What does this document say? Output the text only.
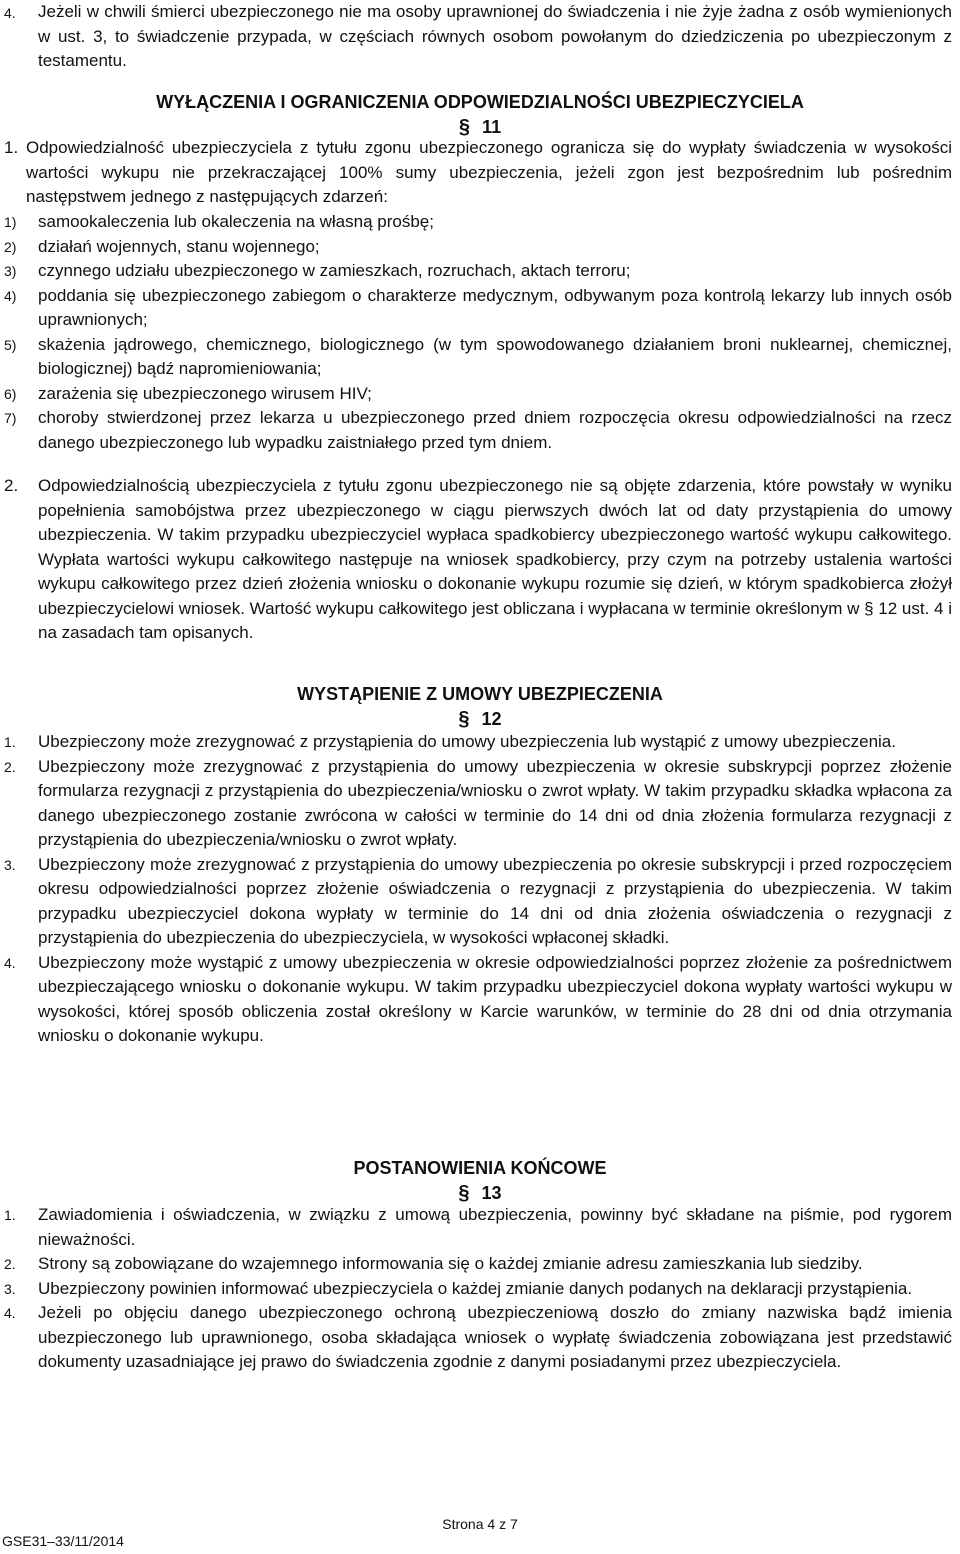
4.	Jeżeli w chwili śmierci ubezpieczonego nie ma osoby uprawnionej do świadczenia i nie żyje żadna z osób wymienionych w ust. 3, to świadczenie przypada, w częściach równych osobom powołanym do dziedziczenia po ubezpieczonym z testamentu.
WYŁĄCZENIA I OGRANICZENIA ODPOWIEDZIALNOŚCI UBEZPIECZYCIELA
§ 11
1. Odpowiedzialność ubezpieczyciela z tytułu zgonu ubezpieczonego ogranicza się do wypłaty świadczenia w wysokości wartości wykupu nie przekraczającej 100% sumy ubezpieczenia, jeżeli zgon jest bezpośrednim lub pośrednim następstwem jednego z następujących zdarzeń:
1)	samookaleczenia lub okaleczenia na własną prośbę;
2)	działań wojennych, stanu wojennego;
3)	czynnego udziału ubezpieczonego w zamieszkach, rozruchach, aktach terroru;
4)	poddania się ubezpieczonego zabiegom o charakterze medycznym, odbywanym poza kontrolą lekarzy lub innych osób uprawnionych;
5)	skażenia jądrowego, chemicznego, biologicznego (w tym spowodowanego działaniem broni nuklearnej, chemicznej, biologicznej) bądź napromieniowania;
6)	zarażenia się ubezpieczonego wirusem HIV;
7)	choroby stwierdzonej przez lekarza u ubezpieczonego przed dniem rozpoczęcia okresu odpowiedzialności na rzecz danego ubezpieczonego lub wypadku zaistniałego przed tym dniem.
2.	Odpowiedzialnością ubezpieczyciela z tytułu zgonu ubezpieczonego nie są objęte zdarzenia, które powstały w wyniku popełnienia samobójstwa przez ubezpieczonego w ciągu pierwszych dwóch lat od daty przystąpienia do umowy ubezpieczenia. W takim przypadku ubezpieczyciel wypłaca spadkobiercy ubezpieczonego wartość wykupu całkowitego. Wypłata wartości wykupu całkowitego następuje na wniosek spadkobiercy, przy czym na potrzeby ustalenia wartości wykupu całkowitego przez dzień złożenia wniosku o dokonanie wykupu rozumie się dzień, w którym spadkobierca złożył ubezpieczycielowi wniosek. Wartość wykupu całkowitego jest obliczana i wypłacana w terminie określonym w § 12 ust. 4 i na zasadach tam opisanych.
WYSTĄPIENIE Z UMOWY UBEZPIECZENIA
§ 12
1.	Ubezpieczony może zrezygnować z przystąpienia do umowy ubezpieczenia lub wystąpić z umowy ubezpieczenia.
2.	Ubezpieczony może zrezygnować z przystąpienia do umowy ubezpieczenia w okresie subskrypcji poprzez złożenie formularza rezygnacji z przystąpienia do ubezpieczenia/wniosku o zwrot wpłaty. W takim przypadku składka wpłacona za danego ubezpieczonego zostanie zwrócona w całości w terminie do 14 dni od dnia złożenia formularza rezygnacji z przystąpienia do ubezpieczenia/wniosku o zwrot wpłaty.
3.	Ubezpieczony może zrezygnować z przystąpienia do umowy ubezpieczenia po okresie subskrypcji i przed rozpoczęciem okresu odpowiedzialności poprzez złożenie oświadczenia o rezygnacji z przystąpienia do ubezpieczenia. W takim przypadku ubezpieczyciel dokona wypłaty w terminie do 14 dni od dnia złożenia oświadczenia o rezygnacji z przystąpienia do ubezpieczenia do ubezpieczyciela, w wysokości wpłaconej składki.
4.	Ubezpieczony może wystąpić z umowy ubezpieczenia w okresie odpowiedzialności poprzez złożenie za pośrednictwem ubezpieczającego wniosku o dokonanie wykupu. W takim przypadku ubezpieczyciel dokona wypłaty wartości wykupu w wysokości, której sposób obliczenia został określony w Karcie warunków, w terminie do 28 dni od dnia otrzymania wniosku o dokonanie wykupu.
POSTANOWIENIA KOŃCOWE
§ 13
1.	Zawiadomienia i oświadczenia, w związku z umową ubezpieczenia, powinny być składane na piśmie, pod rygorem nieważności.
2.	Strony są zobowiązane do wzajemnego informowania się o każdej zmianie adresu zamieszkania lub siedziby.
3.	Ubezpieczony powinien informować ubezpieczyciela o każdej zmianie danych podanych na deklaracji przystąpienia.
4.	Jeżeli po objęciu danego ubezpieczonego ochroną ubezpieczeniową doszło do zmiany nazwiska bądź imienia ubezpieczonego lub uprawnionego, osoba składająca wniosek o wypłatę świadczenia zobowiązana jest przedstawić dokumenty uzasadniające jej prawo do świadczenia zgodnie z danymi posiadanymi przez ubezpieczyciela.
Strona 4 z 7
GSE31–33/11/2014
